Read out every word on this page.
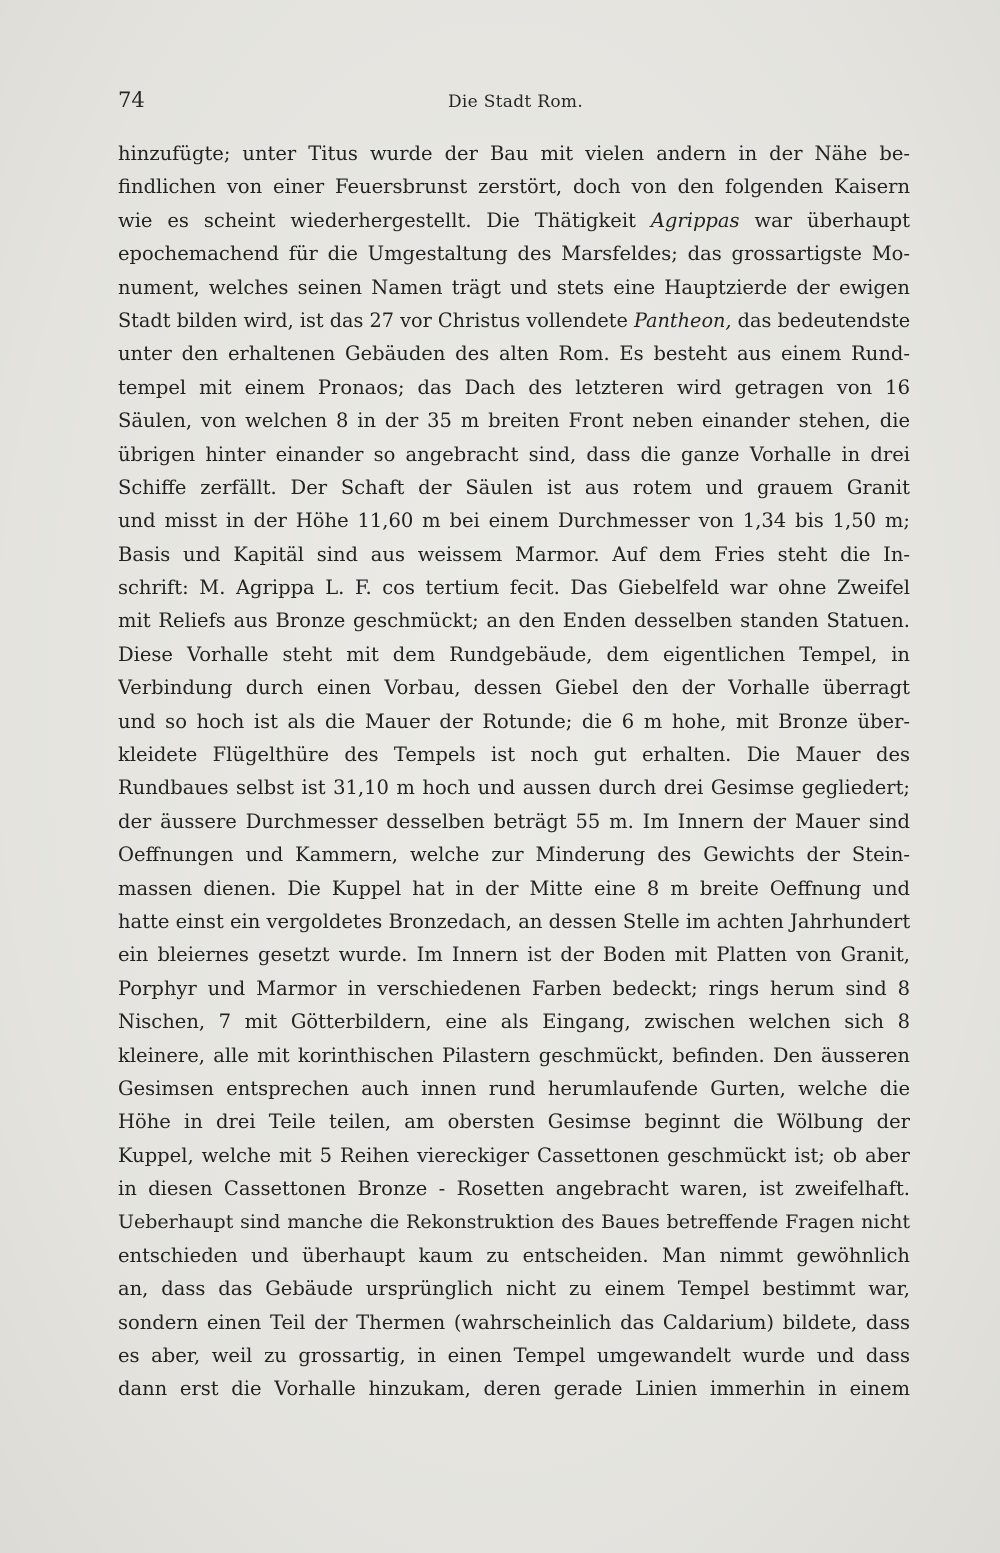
74	Die Stadt Rom.
hinzufügte; unter Titus wurde der Bau mit vielen andern in der Nähe be-
findlichen von einer Feuersbrunst zerstört, doch von den folgenden Kaisern
wie es scheint wiederhergestellt. Die Thätigkeit Agrippas war überhaupt
epochemachend für die Umgestaltung des Marsfeldes; das grossartigste Mo-
nument, welches seinen Namen trägt und stets eine Hauptzierde der ewigen
Stadt bilden wird, ist das 27 vor Christus vollendete Pantheon, das bedeutendste
unter den erhaltenen Gebäuden des alten Rom. Es besteht aus einem Rund-
tempel mit einem Pronaos; das Dach des letzteren wird getragen von 16
Säulen, von welchen 8 in der 35 m breiten Front neben einander stehen, die
übrigen hinter einander so angebracht sind, dass die ganze Vorhalle in drei
Schiffe zerfällt. Der Schaft der Säulen ist aus rotem und grauem Granit
und misst in der Höhe 11,60 m bei einem Durchmesser von 1,34 bis 1,50 m;
Basis und Kapitäl sind aus weissem Marmor. Auf dem Fries steht die In-
schrift: M. Agrippa L. F. cos tertium fecit. Das Giebelfeld war ohne Zweifel
mit Reliefs aus Bronze geschmückt; an den Enden desselben standen Statuen.
Diese Vorhalle steht mit dem Rundgebäude, dem eigentlichen Tempel, in
Verbindung durch einen Vorbau, dessen Giebel den der Vorhalle überragt
und so hoch ist als die Mauer der Rotunde; die 6 m hohe, mit Bronze über-
kleidete Flügelthüre des Tempels ist noch gut erhalten. Die Mauer des
Rundbaues selbst ist 31,10 m hoch und aussen durch drei Gesimse gegliedert;
der äussere Durchmesser desselben beträgt 55 m. Im Innern der Mauer sind
Oeffnungen und Kammern, welche zur Minderung des Gewichts der Stein-
massen dienen. Die Kuppel hat in der Mitte eine 8 m breite Oeffnung und
hatte einst ein vergoldetes Bronzedach, an dessen Stelle im achten Jahrhundert
ein bleiernes gesetzt wurde. Im Innern ist der Boden mit Platten von Granit,
Porphyr und Marmor in verschiedenen Farben bedeckt; rings herum sind 8
Nischen, 7 mit Götterbildern, eine als Eingang, zwischen welchen sich 8
kleinere, alle mit korinthischen Pilastern geschmückt, befinden. Den äusseren
Gesimsen entsprechen auch innen rund herumlaufende Gurten, welche die
Höhe in drei Teile teilen, am obersten Gesimse beginnt die Wölbung der
Kuppel, welche mit 5 Reihen viereckiger Cassettonen geschmückt ist; ob aber
in diesen Cassettonen Bronze - Rosetten angebracht waren, ist zweifelhaft.
Ueberhaupt sind manche die Rekonstruktion des Baues betreffende Fragen nicht
entschieden und überhaupt kaum zu entscheiden. Man nimmt gewöhnlich
an, dass das Gebäude ursprünglich nicht zu einem Tempel bestimmt war,
sondern einen Teil der Thermen (wahrscheinlich das Caldarium) bildete, dass
es aber, weil zu grossartig, in einen Tempel umgewandelt wurde und dass
dann erst die Vorhalle hinzukam, deren gerade Linien immerhin in einem
